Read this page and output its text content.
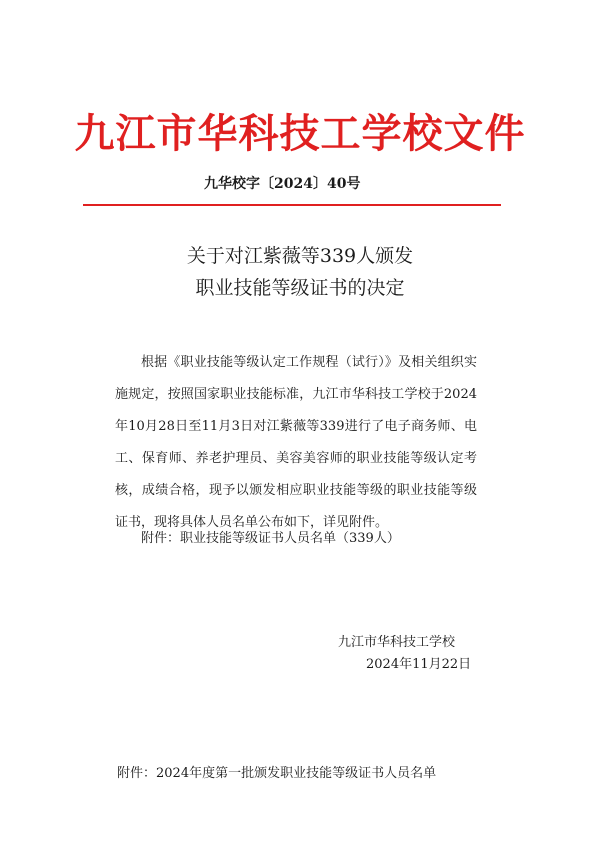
九江市华科技工学校文件
九华校字〔2024〕40号
关于对江紫薇等339人颁发
职业技能等级证书的决定

根据《职业技能等级认定工作规程（试行）》及相关组织实施规定，按照国家职业技能标准，九江市华科技工学校于2024年10月28日至11月3日对江紫薇等339进行了电子商务师、电工、保育师、养老护理员、美容美容师的职业技能等级认定考核，成绩合格，现予以颁发相应职业技能等级的职业技能等级证书，现将具体人员名单公布如下，详见附件。

附件：职业技能等级证书人员名单（339人）

九江市华科技工学校
2024年11月22日
附件：2024年度第一批颁发职业技能等级证书人员名单
